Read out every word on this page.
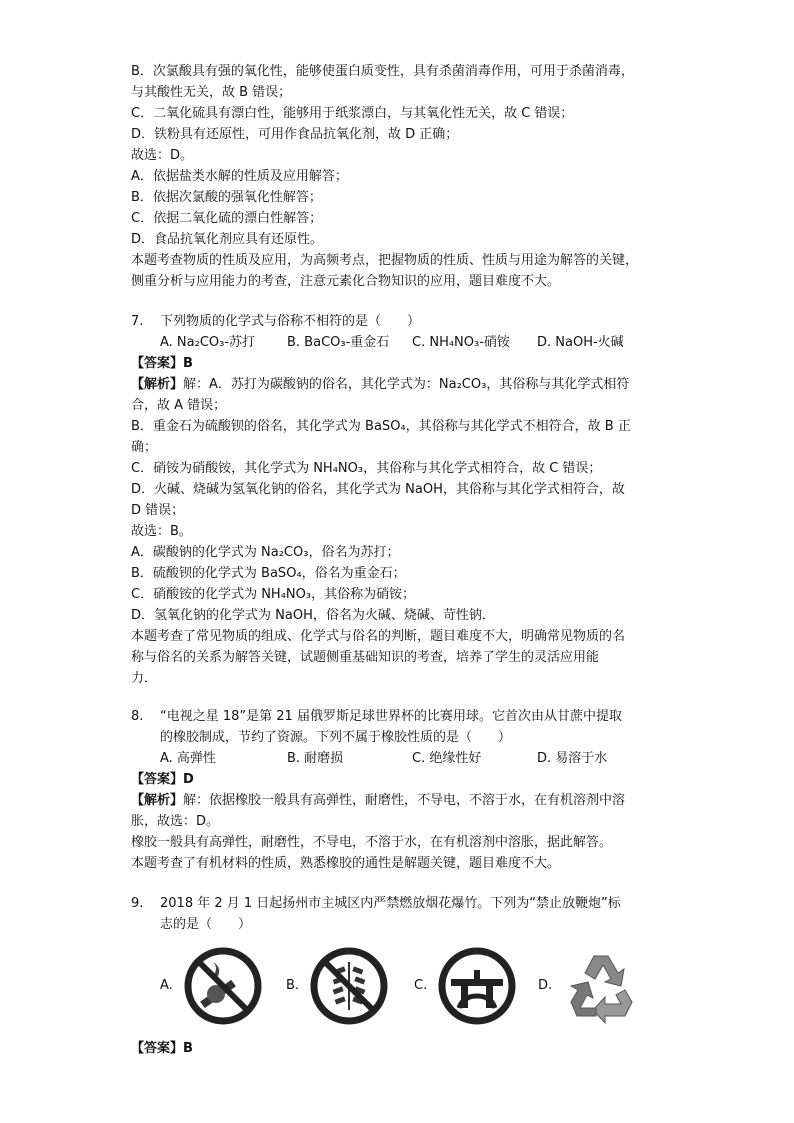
B．次氯酸具有强的氧化性，能够使蛋白质变性，具有杀菌消毒作用，可用于杀菌消毒，
与其酸性无关，故 B 错误；
C．二氧化硫具有漂白性，能够用于纸浆漂白，与其氧化性无关，故 C 错误；
D．铁粉具有还原性，可用作食品抗氧化剂，故 D 正确；
故选：D。
A．依据盐类水解的性质及应用解答；
B．依据次氯酸的强氧化性解答；
C．依据二氧化硫的漂白性解答；
D．食品抗氧化剂应具有还原性。
本题考查物质的性质及应用，为高频考点，把握物质的性质、性质与用途为解答的关键，
侧重分析与应用能力的考查，注意元素化合物知识的应用，题目难度不大。
7. 下列物质的化学式与俗称不相符的是（　　）
A. Na₂CO₃-苏打 B. BaCO₃-重金石 C. NH₄NO₃-硝铵 D. NaOH-火碱
【答案】B
【解析】解：A．苏打为碳酸钠的俗名，其化学式为：Na₂CO₃，其俗称与其化学式相符
合，故 A 错误；
B．重金石为硫酸钡的俗名，其化学式为 BaSO₄，其俗称与其化学式不相符合，故 B 正
确；
C．硝铵为硝酸铵，其化学式为 NH₄NO₃，其俗称与其化学式相符合，故 C 错误；
D．火碱、烧碱为氢氧化钠的俗名，其化学式为 NaOH，其俗称与其化学式相符合，故
D 错误；
故选：B。
A．碳酸钠的化学式为 Na₂CO₃，俗名为苏打；
B．硫酸钡的化学式为 BaSO₄，俗名为重金石；
C．硝酸铵的化学式为 NH₄NO₃，其俗称为硝铵；
D．氢氧化钠的化学式为 NaOH，俗名为火碱、烧碱、苛性钠．
本题考查了常见物质的组成、化学式与俗名的判断，题目难度不大，明确常见物质的名
称与俗名的关系为解答关键，试题侧重基础知识的考查，培养了学生的灵活应用能
力．
8. “电视之星 18”是第 21 届俄罗斯足球世界杯的比赛用球。它首次由从甘蔗中提取
的橡胶制成，节约了资源。下列不属于橡胶性质的是（　　）
A. 高弹性	B. 耐磨损	C. 绝缘性好	D. 易溶于水
【答案】D
【解析】解：依据橡胶一般具有高弹性，耐磨性，不导电，不溶于水，在有机溶剂中溶
胀，故选：D。
橡胶一般具有高弹性，耐磨性，不导电，不溶于水，在有机溶剂中溶胀，据此解答。
本题考查了有机材料的性质，熟悉橡胶的通性是解题关键，题目难度不大。
9. 2018 年 2 月 1 日起扬州市主城区内严禁燃放烟花爆竹。下列为“禁止放鞭炮”标
志的是（　　）
A.	B.	C.	D.
【答案】B
